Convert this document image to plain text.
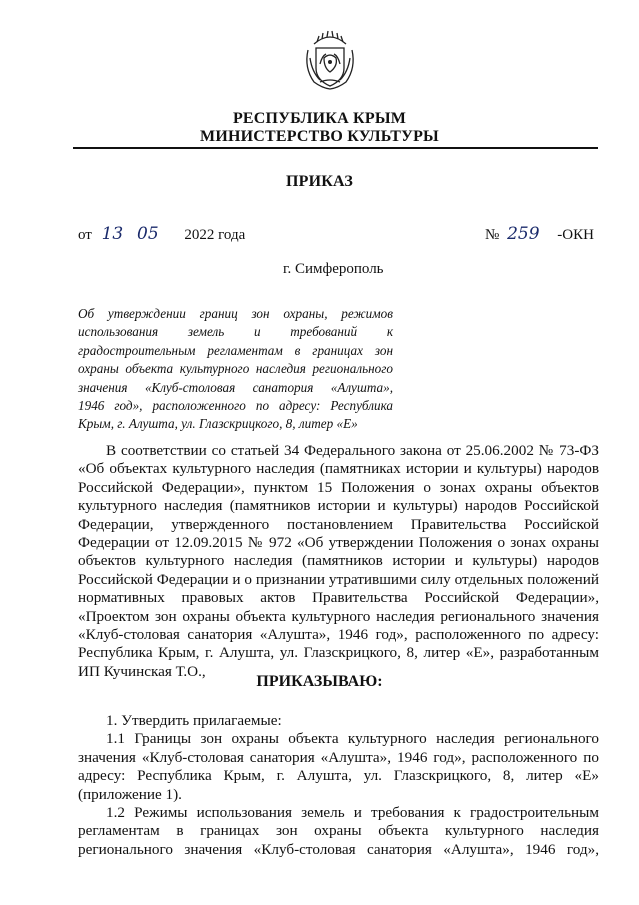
РЕСПУБЛИКА КРЫМ
МИНИСТЕРСТВО КУЛЬТУРЫ
ПРИКАЗ
от 13 05 2022 года	№ 259 -ОКН
г. Симферополь
Об утверждении границ зон охраны, режимов
использования земель и требований к
градостроительным регламентам в границах зон
охраны объекта культурного наследия регионального
значения «Клуб-столовая санатория «Алушта»,
1946 год», расположенного по адресу: Республика
Крым, г. Алушта, ул. Глазскрицкого, 8, литер «Е»
В соответствии со статьей 34 Федерального закона от 25.06.2002 № 73-ФЗ
«Об объектах культурного наследия (памятниках истории и культуры) народов
Российской Федерации», пунктом 15 Положения о зонах охраны объектов
культурного наследия (памятников истории и культуры) народов Российской
Федерации, утвержденного постановлением Правительства Российской
Федерации от 12.09.2015 № 972 «Об утверждении Положения о зонах охраны
объектов культурного наследия (памятников истории и культуры) народов
Российской Федерации и о признании утратившими силу отдельных положений
нормативных правовых актов Правительства Российской Федерации»,
«Проектом зон охраны объекта культурного наследия регионального значения
«Клуб-столовая санатория «Алушта», 1946 год», расположенного по адресу:
Республика Крым, г. Алушта, ул. Глазскрицкого, 8, литер «Е», разработанным
ИП Кучинская Т.О.,
ПРИКАЗЫВАЮ:
1. Утвердить прилагаемые:
1.1 Границы зон охраны объекта культурного наследия регионального
значения «Клуб-столовая санатория «Алушта», 1946 год», расположенного по
адресу: Республика Крым, г. Алушта, ул. Глазскрицкого, 8, литер «Е»
(приложение 1).
1.2 Режимы использования земель и требования к градостроительным
регламентам в границах зон охраны объекта культурного наследия
регионального значения «Клуб-столовая санатория «Алушта», 1946 год»,
